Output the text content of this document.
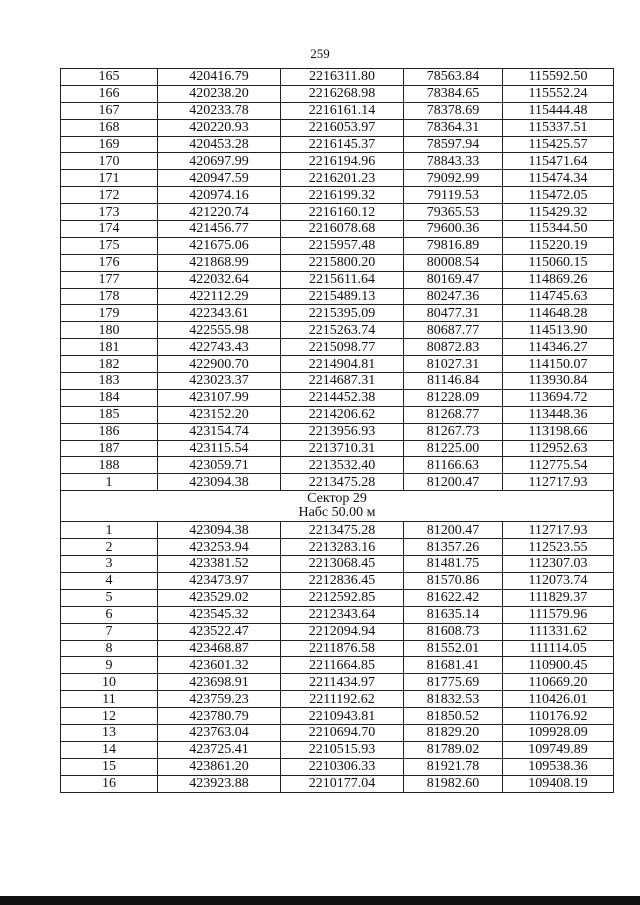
259
165	420416.79	2216311.80	78563.84	115592.50
166	420238.20	2216268.98	78384.65	115552.24
167	420233.78	2216161.14	78378.69	115444.48
168	420220.93	2216053.97	78364.31	115337.51
169	420453.28	2216145.37	78597.94	115425.57
170	420697.99	2216194.96	78843.33	115471.64
171	420947.59	2216201.23	79092.99	115474.34
172	420974.16	2216199.32	79119.53	115472.05
173	421220.74	2216160.12	79365.53	115429.32
174	421456.77	2216078.68	79600.36	115344.50
175	421675.06	2215957.48	79816.89	115220.19
176	421868.99	2215800.20	80008.54	115060.15
177	422032.64	2215611.64	80169.47	114869.26
178	422112.29	2215489.13	80247.36	114745.63
179	422343.61	2215395.09	80477.31	114648.28
180	422555.98	2215263.74	80687.77	114513.90
181	422743.43	2215098.77	80872.83	114346.27
182	422900.70	2214904.81	81027.31	114150.07
183	423023.37	2214687.31	81146.84	113930.84
184	423107.99	2214452.38	81228.09	113694.72
185	423152.20	2214206.62	81268.77	113448.36
186	423154.74	2213956.93	81267.73	113198.66
187	423115.54	2213710.31	81225.00	112952.63
188	423059.71	2213532.40	81166.63	112775.54
1	423094.38	2213475.28	81200.47	112717.93

Сектор 29
Набс 50.00 м				

1	423094.38	2213475.28	81200.47	112717.93
2	423253.94	2213283.16	81357.26	112523.55
3	423381.52	2213068.45	81481.75	112307.03
4	423473.97	2212836.45	81570.86	112073.74
5	423529.02	2212592.85	81622.42	111829.37
6	423545.32	2212343.64	81635.14	111579.96
7	423522.47	2212094.94	81608.73	111331.62
8	423468.87	2211876.58	81552.01	111114.05
9	423601.32	2211664.85	81681.41	110900.45
10	423698.91	2211434.97	81775.69	110669.20
11	423759.23	2211192.62	81832.53	110426.01
12	423780.79	2210943.81	81850.52	110176.92
13	423763.04	2210694.70	81829.20	109928.09
14	423725.41	2210515.93	81789.02	109749.89
15	423861.20	2210306.33	81921.78	109538.36
16	423923.88	2210177.04	81982.60	109408.19
